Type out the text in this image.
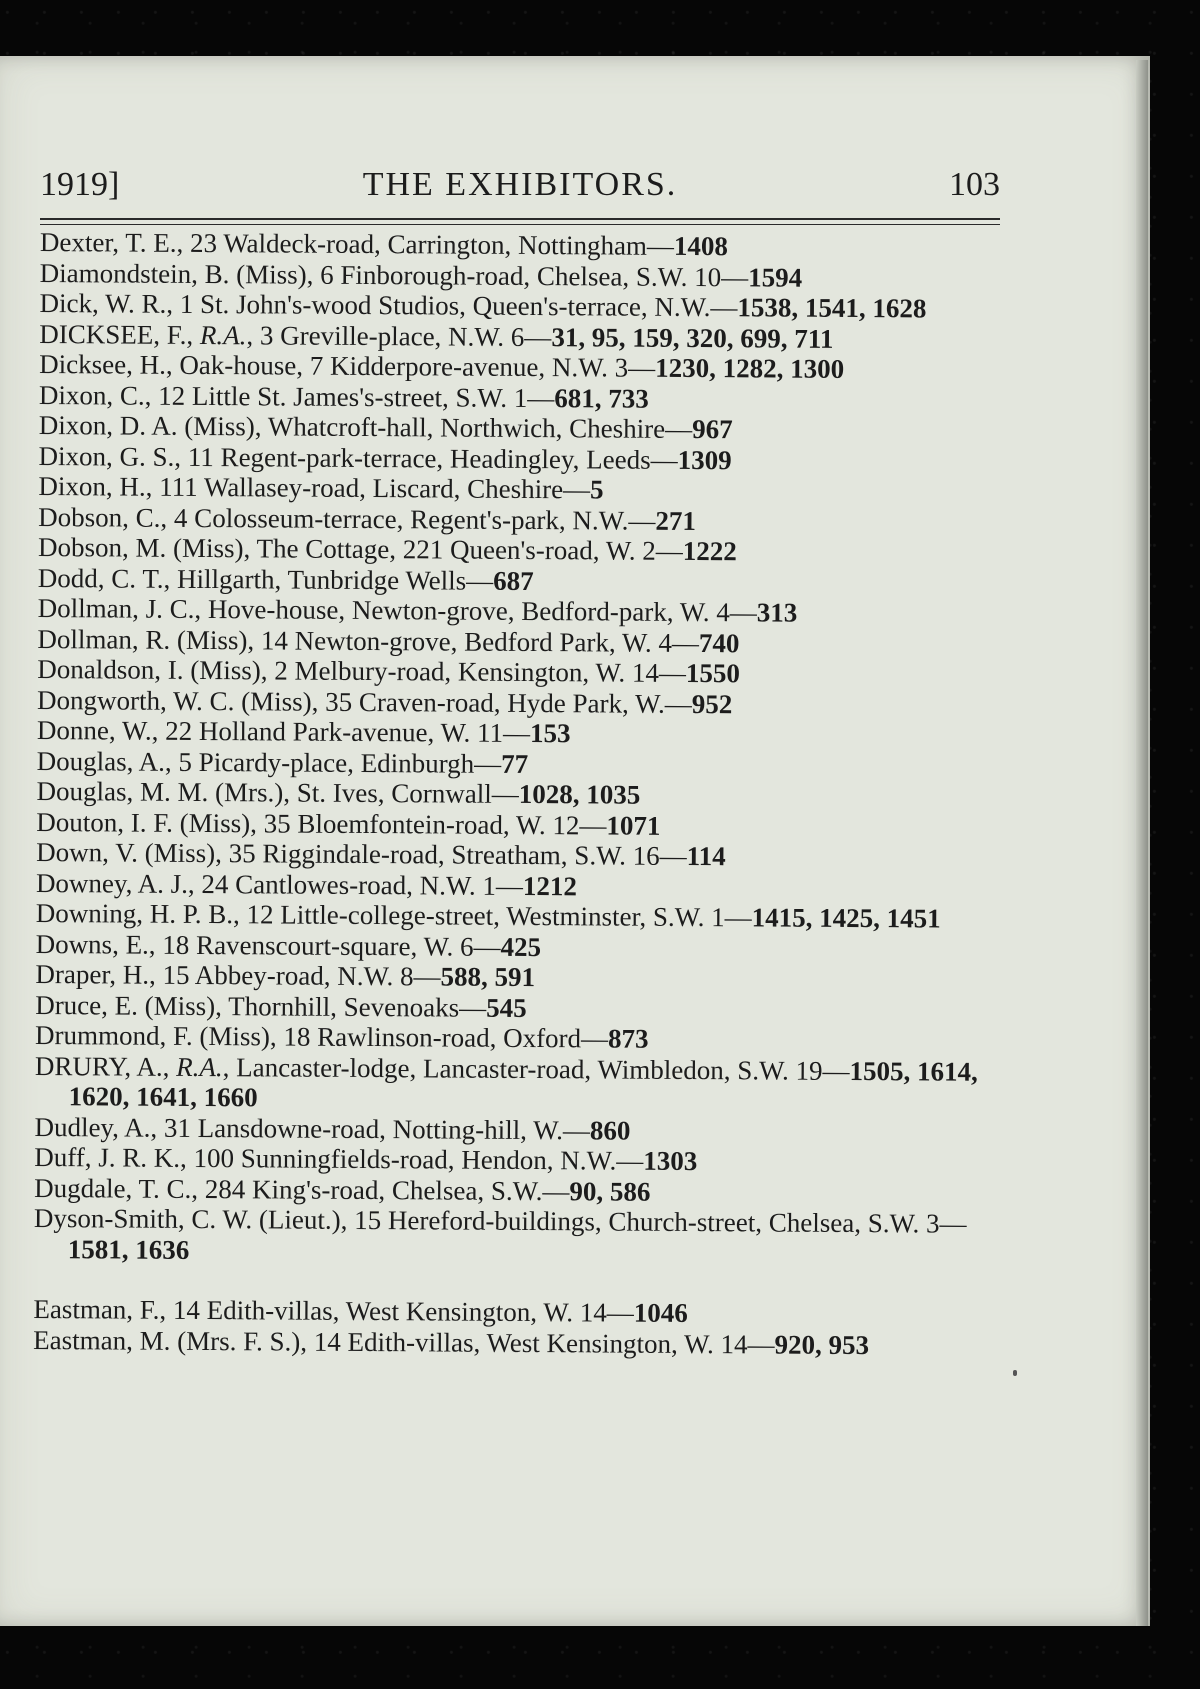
1919]	THE EXHIBITORS.	103
Dexter, T. E., 23 Waldeck-road, Carrington, Nottingham—1408
Diamondstein, B. (Miss), 6 Finborough-road, Chelsea, S.W. 10—1594
Dick, W. R., 1 St. John's-wood Studios, Queen's-terrace, N.W.—1538, 1541, 1628
DICKSEE, F., R.A., 3 Greville-place, N.W. 6—31, 95, 159, 320, 699, 711
Dicksee, H., Oak-house, 7 Kidderpore-avenue, N.W. 3—1230, 1282, 1300
Dixon, C., 12 Little St. James's-street, S.W. 1—681, 733
Dixon, D. A. (Miss), Whatcroft-hall, Northwich, Cheshire—967
Dixon, G. S., 11 Regent-park-terrace, Headingley, Leeds—1309
Dixon, H., 111 Wallasey-road, Liscard, Cheshire—5
Dobson, C., 4 Colosseum-terrace, Regent's-park, N.W.—271
Dobson, M. (Miss), The Cottage, 221 Queen's-road, W. 2—1222
Dodd, C. T., Hillgarth, Tunbridge Wells—687
Dollman, J. C., Hove-house, Newton-grove, Bedford-park, W. 4—313
Dollman, R. (Miss), 14 Newton-grove, Bedford Park, W. 4—740
Donaldson, I. (Miss), 2 Melbury-road, Kensington, W. 14—1550
Dongworth, W. C. (Miss), 35 Craven-road, Hyde Park, W.—952
Donne, W., 22 Holland Park-avenue, W. 11—153
Douglas, A., 5 Picardy-place, Edinburgh—77
Douglas, M. M. (Mrs.), St. Ives, Cornwall—1028, 1035
Douton, I. F. (Miss), 35 Bloemfontein-road, W. 12—1071
Down, V. (Miss), 35 Riggindale-road, Streatham, S.W. 16—114
Downey, A. J., 24 Cantlowes-road, N.W. 1—1212
Downing, H. P. B., 12 Little-college-street, Westminster, S.W. 1—1415, 1425, 1451
Downs, E., 18 Ravenscourt-square, W. 6—425
Draper, H., 15 Abbey-road, N.W. 8—588, 591
Druce, E. (Miss), Thornhill, Sevenoaks—545
Drummond, F. (Miss), 18 Rawlinson-road, Oxford—873
DRURY, A., R.A., Lancaster-lodge, Lancaster-road, Wimbledon, S.W. 19—1505, 1614, 1620, 1641, 1660
Dudley, A., 31 Lansdowne-road, Notting-hill, W.—860
Duff, J. R. K., 100 Sunningfields-road, Hendon, N.W.—1303
Dugdale, T. C., 284 King's-road, Chelsea, S.W.—90, 586
Dyson-Smith, C. W. (Lieut.), 15 Hereford-buildings, Church-street, Chelsea, S.W. 3—1581, 1636
Eastman, F., 14 Edith-villas, West Kensington, W. 14—1046
Eastman, M. (Mrs. F. S.), 14 Edith-villas, West Kensington, W. 14—920, 953
